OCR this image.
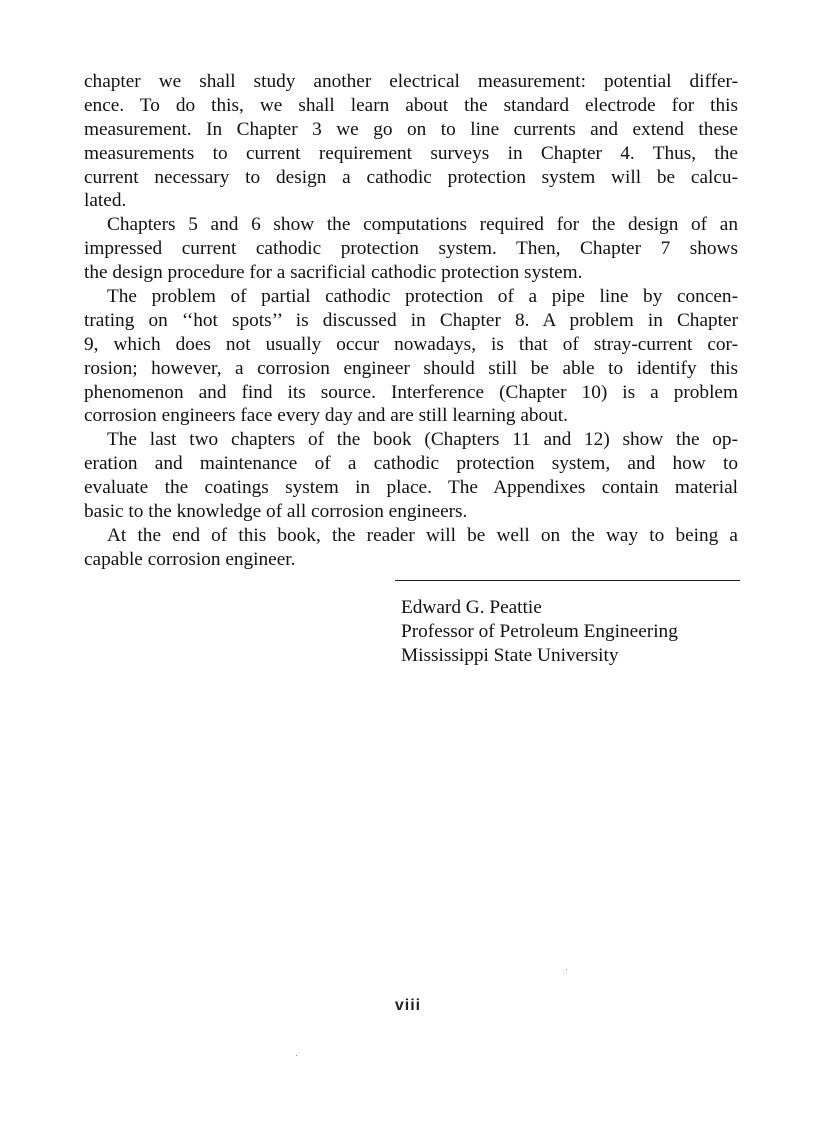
chapter we shall study another electrical measurement: potential differ-
ence. To do this, we shall learn about the standard electrode for this
measurement. In Chapter 3 we go on to line currents and extend these
measurements to current requirement surveys in Chapter 4. Thus, the
current necessary to design a cathodic protection system will be calcu-
lated.
Chapters 5 and 6 show the computations required for the design of an
impressed current cathodic protection system. Then, Chapter 7 shows
the design procedure for a sacrificial cathodic protection system.
The problem of partial cathodic protection of a pipe line by concen-
trating on ‘‘hot spots’’ is discussed in Chapter 8. A problem in Chapter
9, which does not usually occur nowadays, is that of stray-current cor-
rosion; however, a corrosion engineer should still be able to identify this
phenomenon and find its source. Interference (Chapter 10) is a problem
corrosion engineers face every day and are still learning about.
The last two chapters of the book (Chapters 11 and 12) show the op-
eration and maintenance of a cathodic protection system, and how to
evaluate the coatings system in place. The Appendixes contain material
basic to the knowledge of all corrosion engineers.
At the end of this book, the reader will be well on the way to being a
capable corrosion engineer.
Edward G. Peattie
Professor of Petroleum Engineering
Mississippi State University
viii
